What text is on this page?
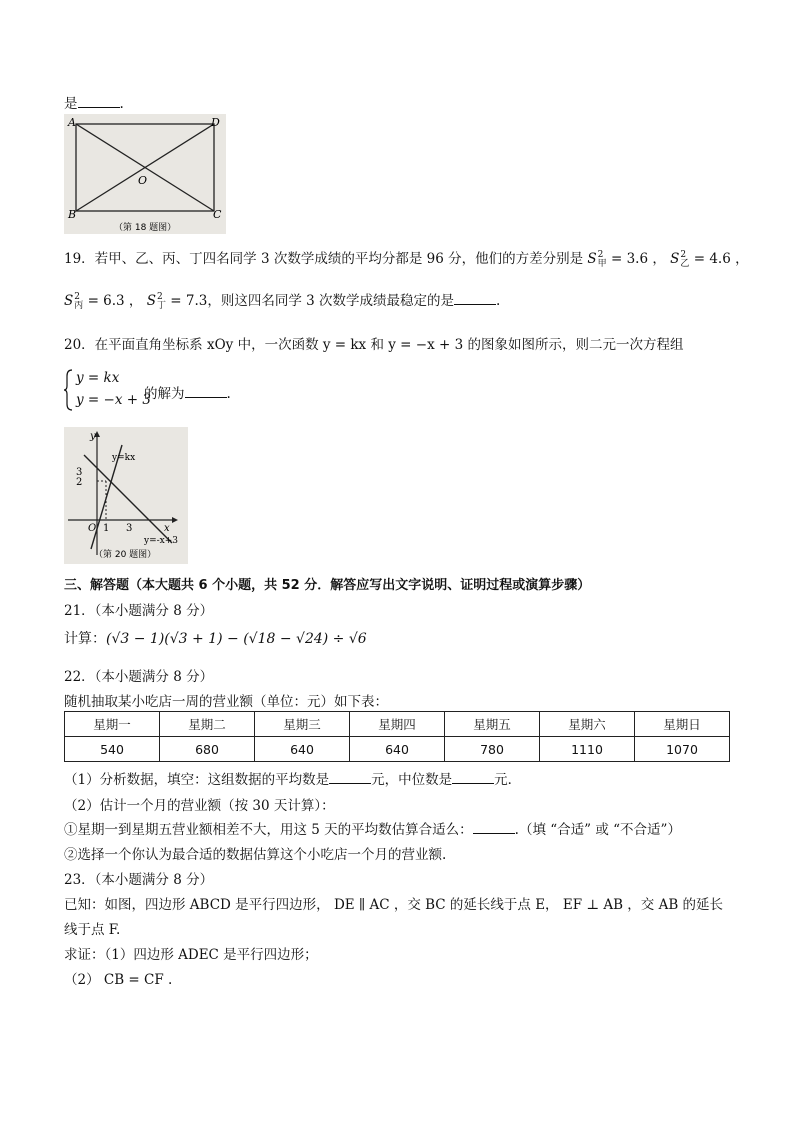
是	.
A	D
B	C
O
（第 18 题图）
19．若甲、乙、丙、丁四名同学 3 次数学成绩的平均分都是 96 分，他们的方差分别是 S2
甲 = 3.6 ， S2
乙 = 4.6 ，
S2
丙 = 6.3 ， S2
丁 = 7.3，则这四名同学 3 次数学成绩最稳定的是	.
20．在平面直角坐标系 xOy 中，一次函数 y = kx 和 y = −x + 3 的图象如图所示，则二元一次方程组
y = kx
y = −x + 3
的解为	.
y
x
O 1 3
3
2
y=kx
y=-x+3
（第 20 题图）
三、解答题（本大题共 6 个小题，共 52 分．解答应写出文字说明、证明过程或演算步骤）
21．（本小题满分 8 分）
计算：(√3 − 1)(√3 + 1) − (√18 − √24) ÷ √6
22．（本小题满分 8 分）
随机抽取某小吃店一周的营业额（单位：元）如下表：
星期一	星期二	星期三	星期四	星期五	星期六	星期日
540	680	640	640	780	1110	1070
（1）分析数据，填空：这组数据的平均数是	元，中位数是	元．
（2）估计一个月的营业额（按 30 天计算）：
①星期一到星期五营业额相差不大，用这 5 天的平均数估算合适么：	.（填 “合适” 或 “不合适”）
②选择一个你认为最合适的数据估算这个小吃店一个月的营业额.
23．（本小题满分 8 分）
已知：如图，四边形 ABCD 是平行四边形， DE ∥ AC ，交 BC 的延长线于点 E， EF ⊥ AB ，交 AB 的延长
线于点 F.
求证：（1）四边形 ADEC 是平行四边形；
（2） CB = CF .
